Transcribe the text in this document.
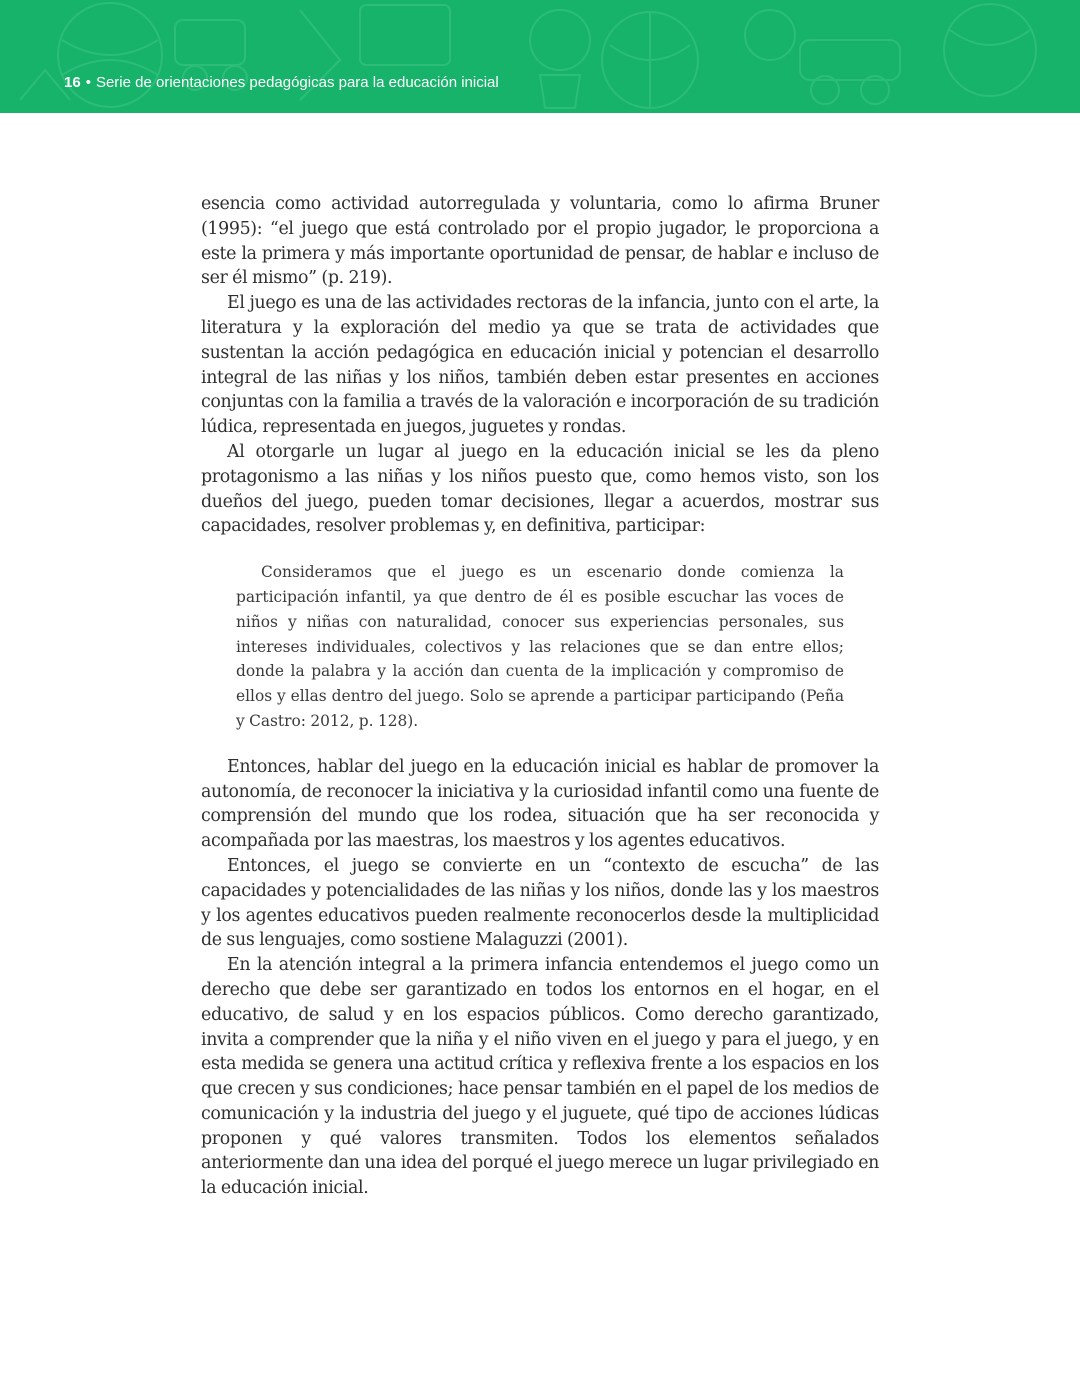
16 • Serie de orientaciones pedagógicas para la educación inicial

esencia como actividad autorregulada y voluntaria, como lo afirma Bruner (1995): “el juego que está controlado por el propio jugador, le proporciona a este la primera y más importante oportunidad de pensar, de hablar e incluso de ser él mismo” (p. 219).

El juego es una de las actividades rectoras de la infancia, junto con el arte, la literatura y la exploración del medio ya que se trata de actividades que sustentan la acción pedagógica en educación inicial y potencian el desarrollo integral de las niñas y los niños, también deben estar presentes en acciones conjuntas con la familia a través de la valoración e incorporación de su tradición lúdica, representada en juegos, juguetes y rondas.

Al otorgarle un lugar al juego en la educación inicial se les da pleno protagonismo a las niñas y los niños puesto que, como hemos visto, son los dueños del juego, pueden tomar decisiones, llegar a acuerdos, mostrar sus capacidades, resolver problemas y, en definitiva, participar:

Consideramos que el juego es un escenario donde comienza la participación infantil, ya que dentro de él es posible escuchar las voces de niños y niñas con naturalidad, conocer sus experiencias personales, sus intereses individuales, colectivos y las relaciones que se dan entre ellos; donde la palabra y la acción dan cuenta de la implicación y compromiso de ellos y ellas dentro del juego. Solo se aprende a participar participando (Peña y Castro: 2012, p. 128).

Entonces, hablar del juego en la educación inicial es hablar de promover la autonomía, de reconocer la iniciativa y la curiosidad infantil como una fuente de comprensión del mundo que los rodea, situación que ha ser reconocida y acompañada por las maestras, los maestros y los agentes educativos.

Entonces, el juego se convierte en un “contexto de escucha” de las capacidades y potencialidades de las niñas y los niños, donde las y los maestros y los agentes educativos pueden realmente reconocerlos desde la multiplicidad de sus lenguajes, como sostiene Malaguzzi (2001).

En la atención integral a la primera infancia entendemos el juego como un derecho que debe ser garantizado en todos los entornos en el hogar, en el educativo, de salud y en los espacios públicos. Como derecho garantizado, invita a comprender que la niña y el niño viven en el juego y para el juego, y en esta medida se genera una actitud crítica y reflexiva frente a los espacios en los que crecen y sus condiciones; hace pensar también en el papel de los medios de comunicación y la industria del juego y el juguete, qué tipo de acciones lúdicas proponen y qué valores transmiten. Todos los elementos señalados anteriormente dan una idea del porqué el juego merece un lugar privilegiado en la educación inicial.
